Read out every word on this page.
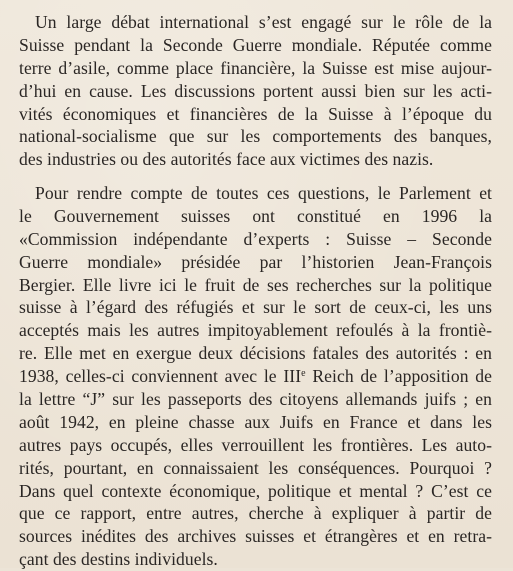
Un large débat international s’est engagé sur le rôle de la
Suisse pendant la Seconde Guerre mondiale. Réputée comme
terre d’asile, comme place financière, la Suisse est mise aujour-
d’hui en cause. Les discussions portent aussi bien sur les acti-
vités économiques et financières de la Suisse à l’époque du
national-socialisme que sur les comportements des banques,
des industries ou des autorités face aux victimes des nazis.
Pour rendre compte de toutes ces questions, le Parlement et
le Gouvernement suisses ont constitué en 1996 la
«Commission indépendante d’experts : Suisse – Seconde
Guerre mondiale» présidée par l’historien Jean-François
Bergier. Elle livre ici le fruit de ses recherches sur la politique
suisse à l’égard des réfugiés et sur le sort de ceux-ci, les uns
acceptés mais les autres impitoyablement refoulés à la frontiè-
re. Elle met en exergue deux décisions fatales des autorités : en
1938, celles-ci conviennent avec le IIIe Reich de l’apposition de
la lettre “J” sur les passeports des citoyens allemands juifs ; en
août 1942, en pleine chasse aux Juifs en France et dans les
autres pays occupés, elles verrouillent les frontières. Les auto-
rités, pourtant, en connaissaient les conséquences. Pourquoi ?
Dans quel contexte économique, politique et mental ? C’est ce
que ce rapport, entre autres, cherche à expliquer à partir de
sources inédites des archives suisses et étrangères et en retra-
çant des destins individuels.
